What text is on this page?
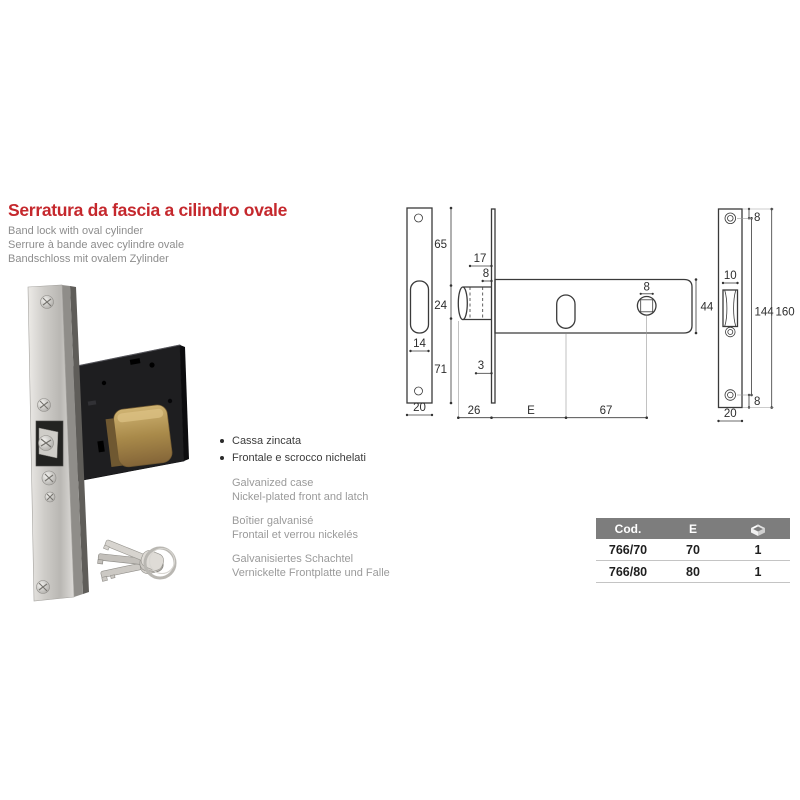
Serratura da fascia a cilindro ovale
Band lock with oval cylinder
Serrure à bande avec cylindre ovale
Bandschloss mit ovalem Zylinder
14
20
65
24
71
17
8
3
8
44
26	E	67
10
8
8
144 160
20
Cassa zincata
Frontale e scrocco nichelati
Galvanized case
Nickel-plated front and latch
Boîtier galvanisé
Frontail et verrou nickelés
Galvanisiertes Schachtel
Vernickelte Frontplatte und Falle
Cod.	E
766/70	70	1
766/80	80	1
